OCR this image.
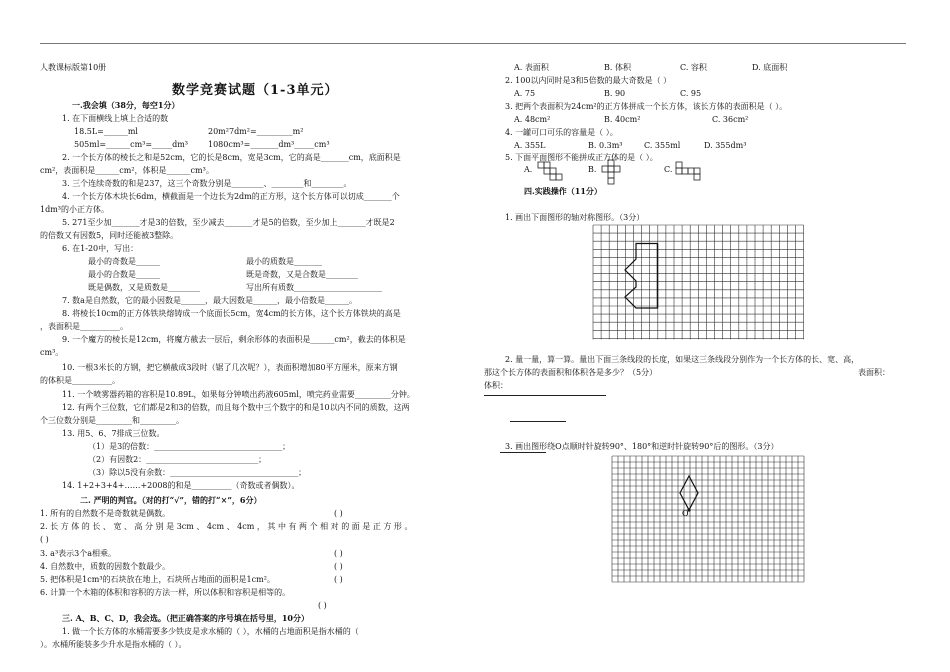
人教课标版第10册
数学竞赛试题（1-3单元）
一.我会填（38分，每空1分）
1. 在下面横线上填上合适的数
18.5L=______ml	20m²7dm²=_________m²
505ml=______cm³=_____dm³ 1080cm³=_______dm³_____cm³
2. 一个长方体的棱长之和是52cm，它的长是8cm，宽是3cm，它的高是_______cm，底面积是
cm²，表面积是______cm²，体积是______cm³。
3. 三个连续奇数的和是237，这三个奇数分别是________、________和________。
4. 一个长方体木块长6dm，横截面是一个边长为2dm的正方形，这个长方体可以切成_______个
1dm³的小正方体。
5. 271至少加_______才是3的倍数，至少减去_______才是5的倍数，至少加上_______才既是2
的倍数又有因数5，同时还能被3整除。
6. 在1-20中，写出：
最小的奇数是______	最小的质数是_______
最小的合数是______	既是奇数，又是合数是________
既是偶数，又是质数是________	写出所有质数______________________
7. 数a是自然数，它的最小因数是______，最大因数是______，最小倍数是______。
8. 将棱长10cm的正方体铁块熔铸成一个底面长5cm，宽4cm的长方体，这个长方体铁块的高是
，表面积是__________。
9. 一个魔方的棱长是12cm，将魔方截去一层后，剩余形体的表面积是______cm²，截去的体积是
cm³。
10. 一根3米长的方钢，把它横截成3段时（锯了几次呢？），表面积增加80平方厘米，原来方钢
的体积是__________。
11. 一个喷雾器药箱的容积是10.89L，如果每分钟喷出药液605ml，喷完药业需要_________分钟。
12. 有两个三位数，它们都是2和3的倍数，而且每个数中三个数字的和是10以内不同的质数，这两
个三位数分别是_________和_________。
13. 用5、6、7排成三位数。
（1）是3的倍数：________________________________；
（2）有因数2：____________________________；
（3）除以5没有余数：________________________________；
14. 1+2+3+4+……+2008的和是__________（奇数或者偶数）。
二. 严明的判官。（对的打“√”，错的打“×”，6分）
1. 所有的自然数不是奇数就是偶数。	( )
2. 长 方 体 的 长 、 宽 、 高 分 别 是 3cm 、 4cm 、 4cm ， 其 中 有 两 个 相 对 的 面 是 正 方 形 。
( )
3. a³表示3个a相乘。	( )
4. 自然数中，质数的因数个数最少。	( )
5. 把体积是1cm³的石块放在地上，石块所占地面的面积是1cm²。	( )
6. 计算一个木箱的体积和容积的方法一样，所以体积和容积是相等的。
( )
三. A、B、C、D，我会选。（把正确答案的序号填在括号里，10分）
1. 做一个长方体的水桶需要多少铁皮是求水桶的（ ），水桶的占地面积是指水桶的（
）。水桶所能装多少升水是指水桶的（ ）。
A. 表面积	B. 体积	C. 容积	D. 底面积
2. 100以内同时是3和5倍数的最大奇数是（ ）
A. 75	B. 90	C. 95
3. 把两个表面积为24cm²的正方体拼成一个长方体，该长方体的表面积是（ ）。
A. 48cm²	B. 40cm²	C. 36cm²
4. 一罐可口可乐的容量是（ ）。
A. 355L	B. 0.3m³	C. 355ml	D. 355dm³
5. 下面平面图形不能拼成正方体的是（ ）。
A.	B.	C.
四.实践操作（11分）
1. 画出下面图形的轴对称图形。（3分）
2. 量一量，算一算。量出下面三条线段的长度，如果这三条线段分别作为一个长方体的长、宽、高，
那这个长方体的表面积和体积各是多少？（5分）	表面积：
体积：
3. 画出图形绕O点顺时针旋转90°、180°和逆时针旋转90°后的图形。（3分）
O
